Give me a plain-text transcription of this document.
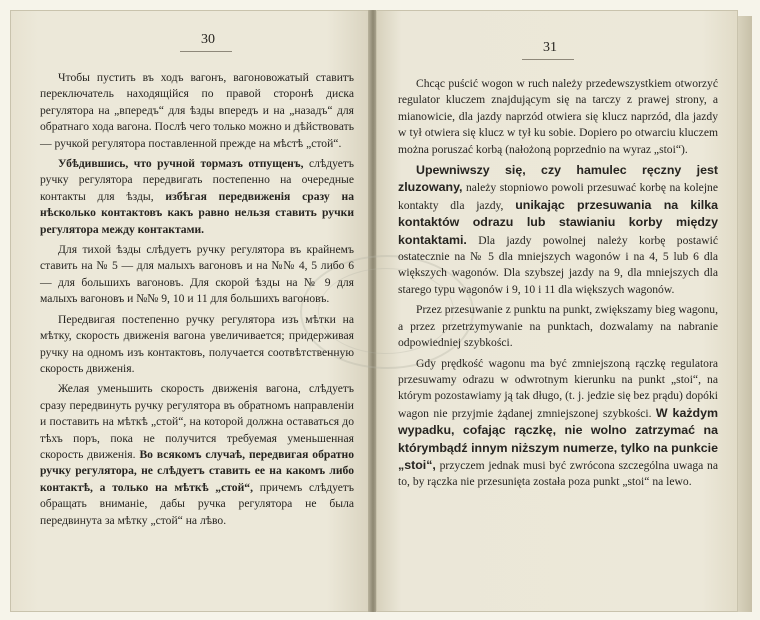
30
31

Чтобы пустить въ ходъ вагонъ, вагоновожатый ставитъ переключатель находящійся по правой сторонѣ диска регулятора на „впередъ“ для ѣзды впередъ и на „назадъ“ для обратнаго хода вагона. Послѣ чего только можно и дѣйствовать — ручкой регулятора поставленной прежде на мѣстѣ „стой“.

Убѣдившись, что ручной тормазъ отпущенъ, слѣдуетъ ручку регулятора передвигать постепенно на очередные контакты для ѣзды, избѣгая передвиженія сразу на нѣсколько контактовъ какъ равно нельзя ставить ручки регулятора между контактами.

Для тихой ѣзды слѣдуетъ ручку регулятора въ крайнемъ ставить на № 5 — для малыхъ вагоновъ и на №№ 4, 5 либо 6 — для большихъ вагоновъ. Для скорой ѣзды на № 9 для малыхъ вагоновъ и №№ 9, 10 и 11 для большихъ вагоновъ.

Передвигая постепенно ручку регулятора изъ мѣтки на мѣтку, скорость движенія вагона увеличивается; придерживая ручку на одномъ изъ контактовъ, получается соотвѣтственную скорость движенія.

Желая уменьшить скорость движенія вагона, слѣдуетъ сразу передвинуть ручку регулятора въ обратномъ направленіи и поставить на мѣткѣ „стой“, на которой должна оставаться до тѣхъ поръ, пока не получится требуемая уменьшенная скорость движенія. Во всякомъ случаѣ, передвигая обратно ручку регулятора, не слѣдуетъ ставить ее на какомъ либо контактѣ, а только на мѣткѣ „стой“, причемъ слѣдуетъ обращать вниманіе, дабы ручка регулятора не была передвинута за мѣтку „стой“ на лѣво.

Chcąc puścić wogon w ruch należy przedewszystkiem otworzyć regulator kluczem znajdującym się na tarczy z prawej strony, a mianowicie, dla jazdy naprzód otwiera się klucz naprzód, dla jazdy w tył otwiera się klucz w tył ku sobie. Dopiero po otwarciu kluczem można poruszać korbą (nałożoną poprzednio na wyraz „stoi“).

Upewniwszy się, czy hamulec ręczny jest zluzowany, należy stopniowo powoli przesuwać korbę na kolejne kontakty dla jazdy, unikając przesuwania na kilka kontaktów odrazu lub stawianiu korby między kontaktami. Dla jazdy powolnej należy korbę postawić ostatecznie na № 5 dla mniejszych wagonów i na 4, 5 lub 6 dla większych wagonów. Dla szybszej jazdy na 9, dla mniejszych dla starego typu wagonów i 9, 10 i 11 dla większych wagonów.

Przez przesuwanie z punktu na punkt, zwiększamy bieg wagonu, a przez przetrzymywanie na punktach, dozwalamy na nabranie odpowiedniej szybkości.

Gdy prędkość wagonu ma być zmniejszoną rączkę regulatora przesuwamy odrazu w odwrotnym kierunku na punkt „stoi“, na którym pozostawiamy ją tak długo, (t. j. jedzie się bez prądu) dopóki wagon nie przyjmie żądanej zmniejszonej szybkości. W każdym wypadku, cofając rączkę, nie wolno zatrzymać na którymbądź innym niższym numerze, tylko na punkcie „stoi“, przyczem jednak musi być zwrócona szczególna uwaga na to, by rączka nie przesunięta została poza punkt „stoi“ na lewo.
